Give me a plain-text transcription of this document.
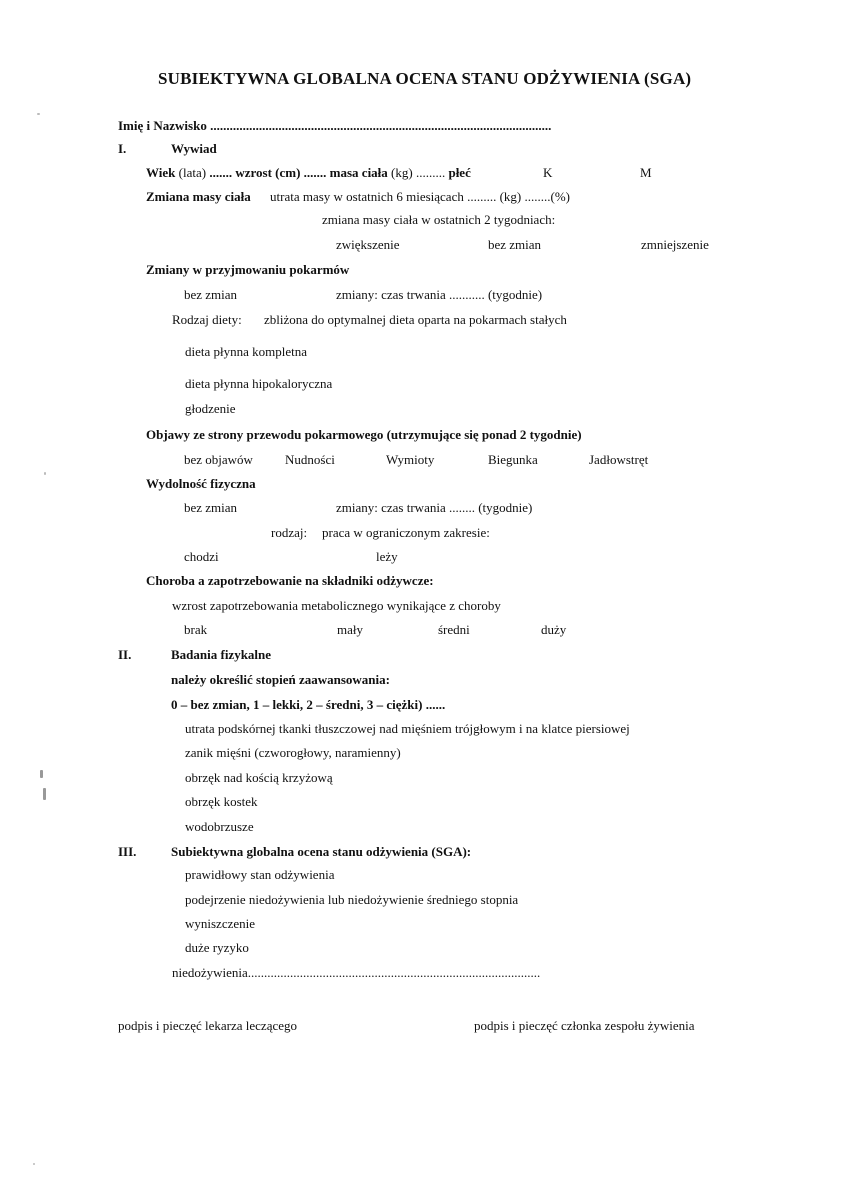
SUBIEKTYWNA GLOBALNA OCENA STANU ODŻYWIENIA (SGA)
Imię i Nazwisko .........................................................................................................
I.	Wywiad
Wiek (lata) ....... wzrost (cm) ....... masa ciała (kg) ......... płeć	K	M
Zmiana masy ciała utrata masy w ostatnich 6 miesiącach ......... (kg) ........(%)
zmiana masy ciała w ostatnich 2 tygodniach:
zwiększenie	bez zmian	zmniejszenie
Zmiany w przyjmowaniu pokarmów
bez zmian	zmiany: czas trwania ........... (tygodnie)
Rodzaj diety: zbliżona do optymalnej dieta oparta na pokarmach stałych
dieta płynna kompletna
dieta płynna hipokaloryczna
głodzenie
Objawy ze strony przewodu pokarmowego (utrzymujące się ponad 2 tygodnie)
bez objawów Nudności	Wymioty	Biegunka	Jadłowstręt
Wydolność fizyczna
bez zmian	zmiany: czas trwania ........ (tygodnie)
rodzaj: praca w ograniczonym zakresie:
chodzi	leży
Choroba a zapotrzebowanie na składniki odżywcze:
wzrost zapotrzebowania metabolicznego wynikające z choroby
brak	mały	średni	duży
II.	Badania fizykalne
należy określić stopień zaawansowania:
0 – bez zmian, 1 – lekki, 2 – średni, 3 – ciężki) ......
utrata podskórnej tkanki tłuszczowej nad mięśniem trójgłowym i na klatce piersiowej
zanik mięśni (czworogłowy, naramienny)
obrzęk nad kością krzyżową
obrzęk kostek
wodobrzusze
III.	Subiektywna globalna ocena stanu odżywienia (SGA):
prawidłowy stan odżywienia
podejrzenie niedożywienia lub niedożywienie średniego stopnia
wyniszczenie
duże ryzyko
niedożywienia..........................................................................................
podpis i pieczęć lekarza leczącego	podpis i pieczęć członka zespołu żywienia
